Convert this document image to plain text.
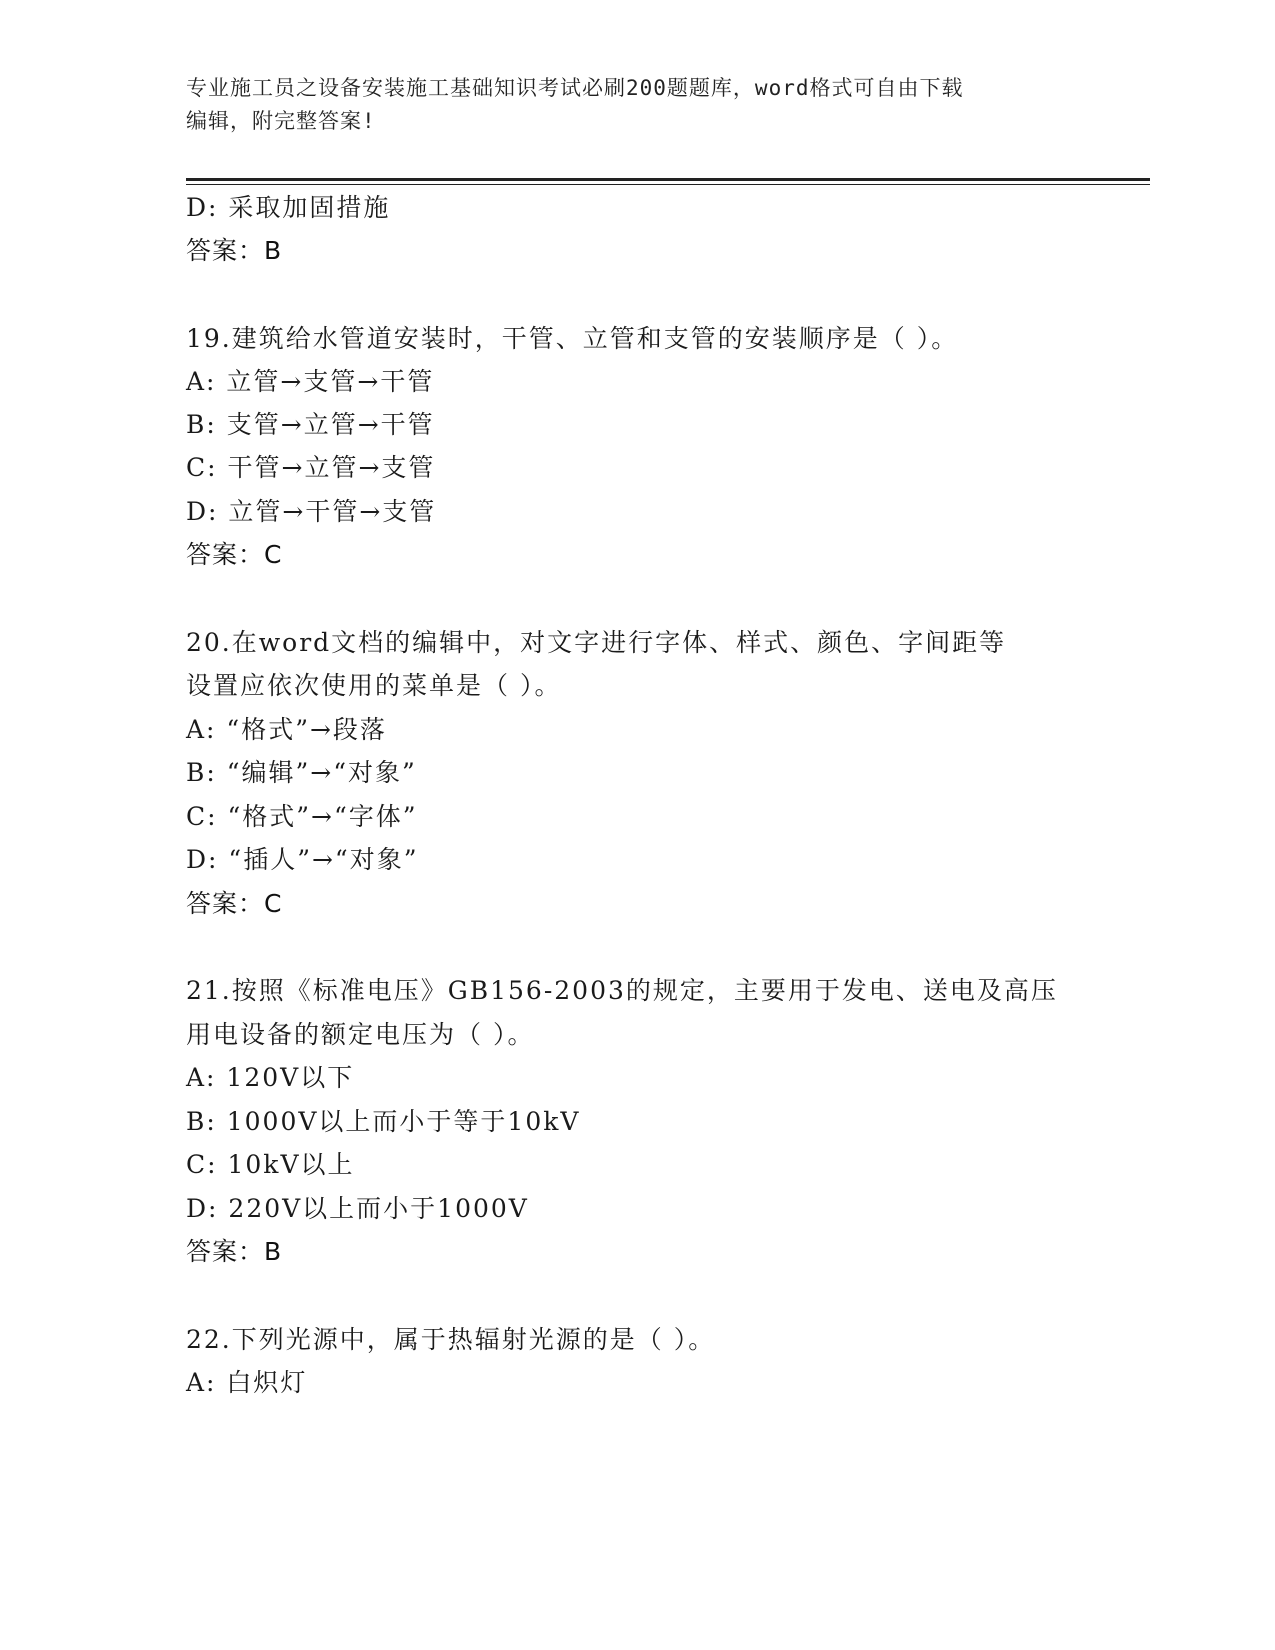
专业施工员之设备安装施工基础知识考试必刷200题题库，word格式可自由下载
编辑，附完整答案!
D: 采取加固措施
答案：B
19.建筑给水管道安装时，干管、立管和支管的安装顺序是（ ）。
A: 立管→支管→干管
B: 支管→立管→干管
C: 干管→立管→支管
D: 立管→干管→支管
答案：C
20.在word文档的编辑中，对文字进行字体、样式、颜色、字间距等
设置应依次使用的菜单是（ ）。
A: “格式”→段落
B: “编辑”→“对象”
C: “格式”→“字体”
D: “插人”→“对象”
答案：C
21.按照《标准电压》GB156-2003的规定，主要用于发电、送电及高压
用电设备的额定电压为（ ）。
A: 120V以下
B: 1000V以上而小于等于10kV
C: 10kV以上
D: 220V以上而小于1000V
答案：B
22.下列光源中，属于热辐射光源的是（ ）。
A: 白炽灯
